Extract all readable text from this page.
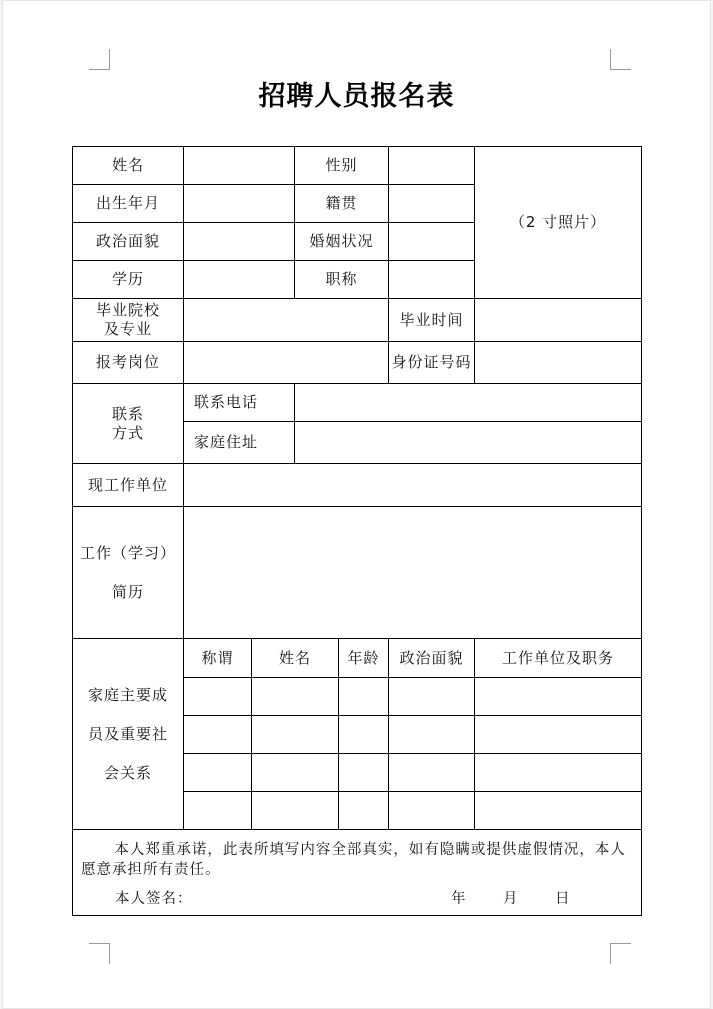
招聘人员报名表
姓名			性别			（2 寸照片）
出生年月			籍贯			
政治面貌			婚姻状况			
学历			职称			

毕业院校
及专业					毕业时间	
报考岗位					身份证号码	

联系
方式	联系电话					
	家庭住址					
现工作单位						

工作（学习）
简历						

家庭主要成
员及重要社
会关系	称谓	姓名		年龄	政治面貌	工作单位及职务

本人郑重承诺，此表所填写内容全部真实，如有隐瞒或提供虚假情况，本人愿意承担所有责任。
本人签名： 年 月 日						
